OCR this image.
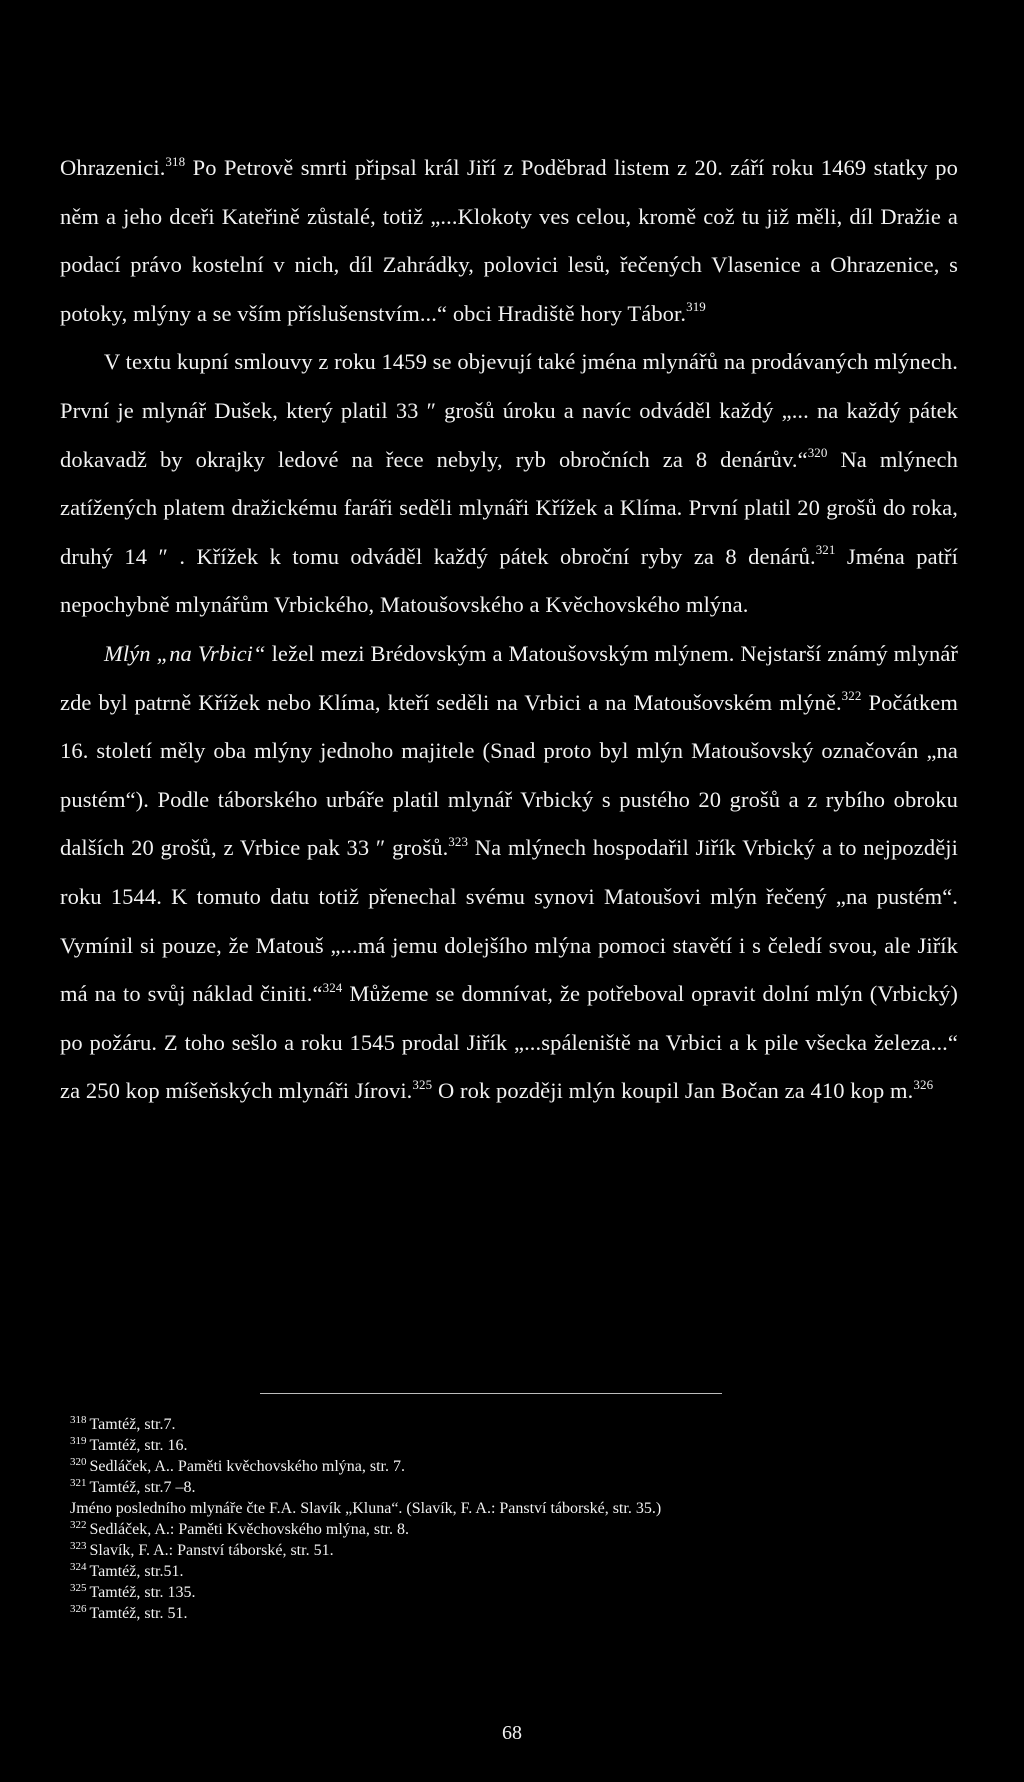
Ohrazenici.$^{318}$ Po Petrově smrti připsal král Jiří z Poděbrad listem z 20. září roku 1469 statky po něm a jeho dceři Kateřině zůstalé, totiž „...Klokoty ves celou, kromě což tu již měli, díl Dražie a podací právo kostelní v nich, díl Zahrádky, polovici lesů, řečených Vlasenice a Ohrazenice, s potoky, mlýny a se vším příslušenstvím...“ obci Hradiště hory Tábor.$^{319}$

V textu kupní smlouvy z roku 1459 se objevují také jména mlynářů na prodávaných mlýnech. První je mlynář Dušek, který platil 33 ″ grošů úroku a navíc odváděl každý „... na každý pátek dokavadž by okrajky ledové na řece nebyly, ryb obročních za 8 denárův.“$^{320}$ Na mlýnech zatížených platem dražickému faráři seděli mlynáři Křížek a Klíma. První platil 20 grošů do roka, druhý 14 ″ . Křížek k tomu odváděl každý pátek obroční ryby za 8 denárů.$^{321}$ Jména patří nepochybně mlynářům Vrbického, Matoušovského a Kvěchovského mlýna.

Mlýn „na Vrbici“ ležel mezi Brédovským a Matoušovským mlýnem. Nejstarší známý mlynář zde byl patrně Křížek nebo Klíma, kteří seděli na Vrbici a na Matoušovském mlýně.$^{322}$ Počátkem 16. století měly oba mlýny jednoho majitele (Snad proto byl mlýn Matoušovský označován „na pustém“). Podle táborského urbáře platil mlynář Vrbický s pustého 20 grošů a z rybího obroku dalších 20 grošů, z Vrbice pak 33 ″ grošů.$^{323}$ Na mlýnech hospodařil Jiřík Vrbický a to nejpozději roku 1544. K tomuto datu totiž přenechal svému synovi Matoušovi mlýn řečený „na pustém“. Vymínil si pouze, že Matouš „...má jemu dolejšího mlýna pomoci stavětí i s čeledí svou, ale Jiřík má na to svůj náklad činiti.“$^{324}$ Můžeme se domnívat, že potřeboval opravit dolní mlýn (Vrbický) po požáru. Z toho sešlo a roku 1545 prodal Jiřík „...spáleniště na Vrbici a k pile všecka železa...“ za 250 kop míšeňských mlynáři Jírovi.$^{325}$ O rok později mlýn koupil Jan Bočan za 410 kop m.$^{326}$

$^{318}$ Tamtéž, str.7.
$^{319}$ Tamtéž, str. 16.
$^{320}$ Sedláček, A.. Paměti kvěchovského mlýna, str. 7.
$^{321}$ Tamtéž, str.7 –8.
Jméno posledního mlynáře čte F.A. Slavík „Kluna“. (Slavík, F. A.: Panství táborské, str. 35.)
$^{322}$ Sedláček, A.: Paměti Kvěchovského mlýna, str. 8.
$^{323}$ Slavík, F. A.: Panství táborské, str. 51.
$^{324}$ Tamtéž, str.51.
$^{325}$ Tamtéž, str. 135.
$^{326}$ Tamtéž, str. 51.
68
